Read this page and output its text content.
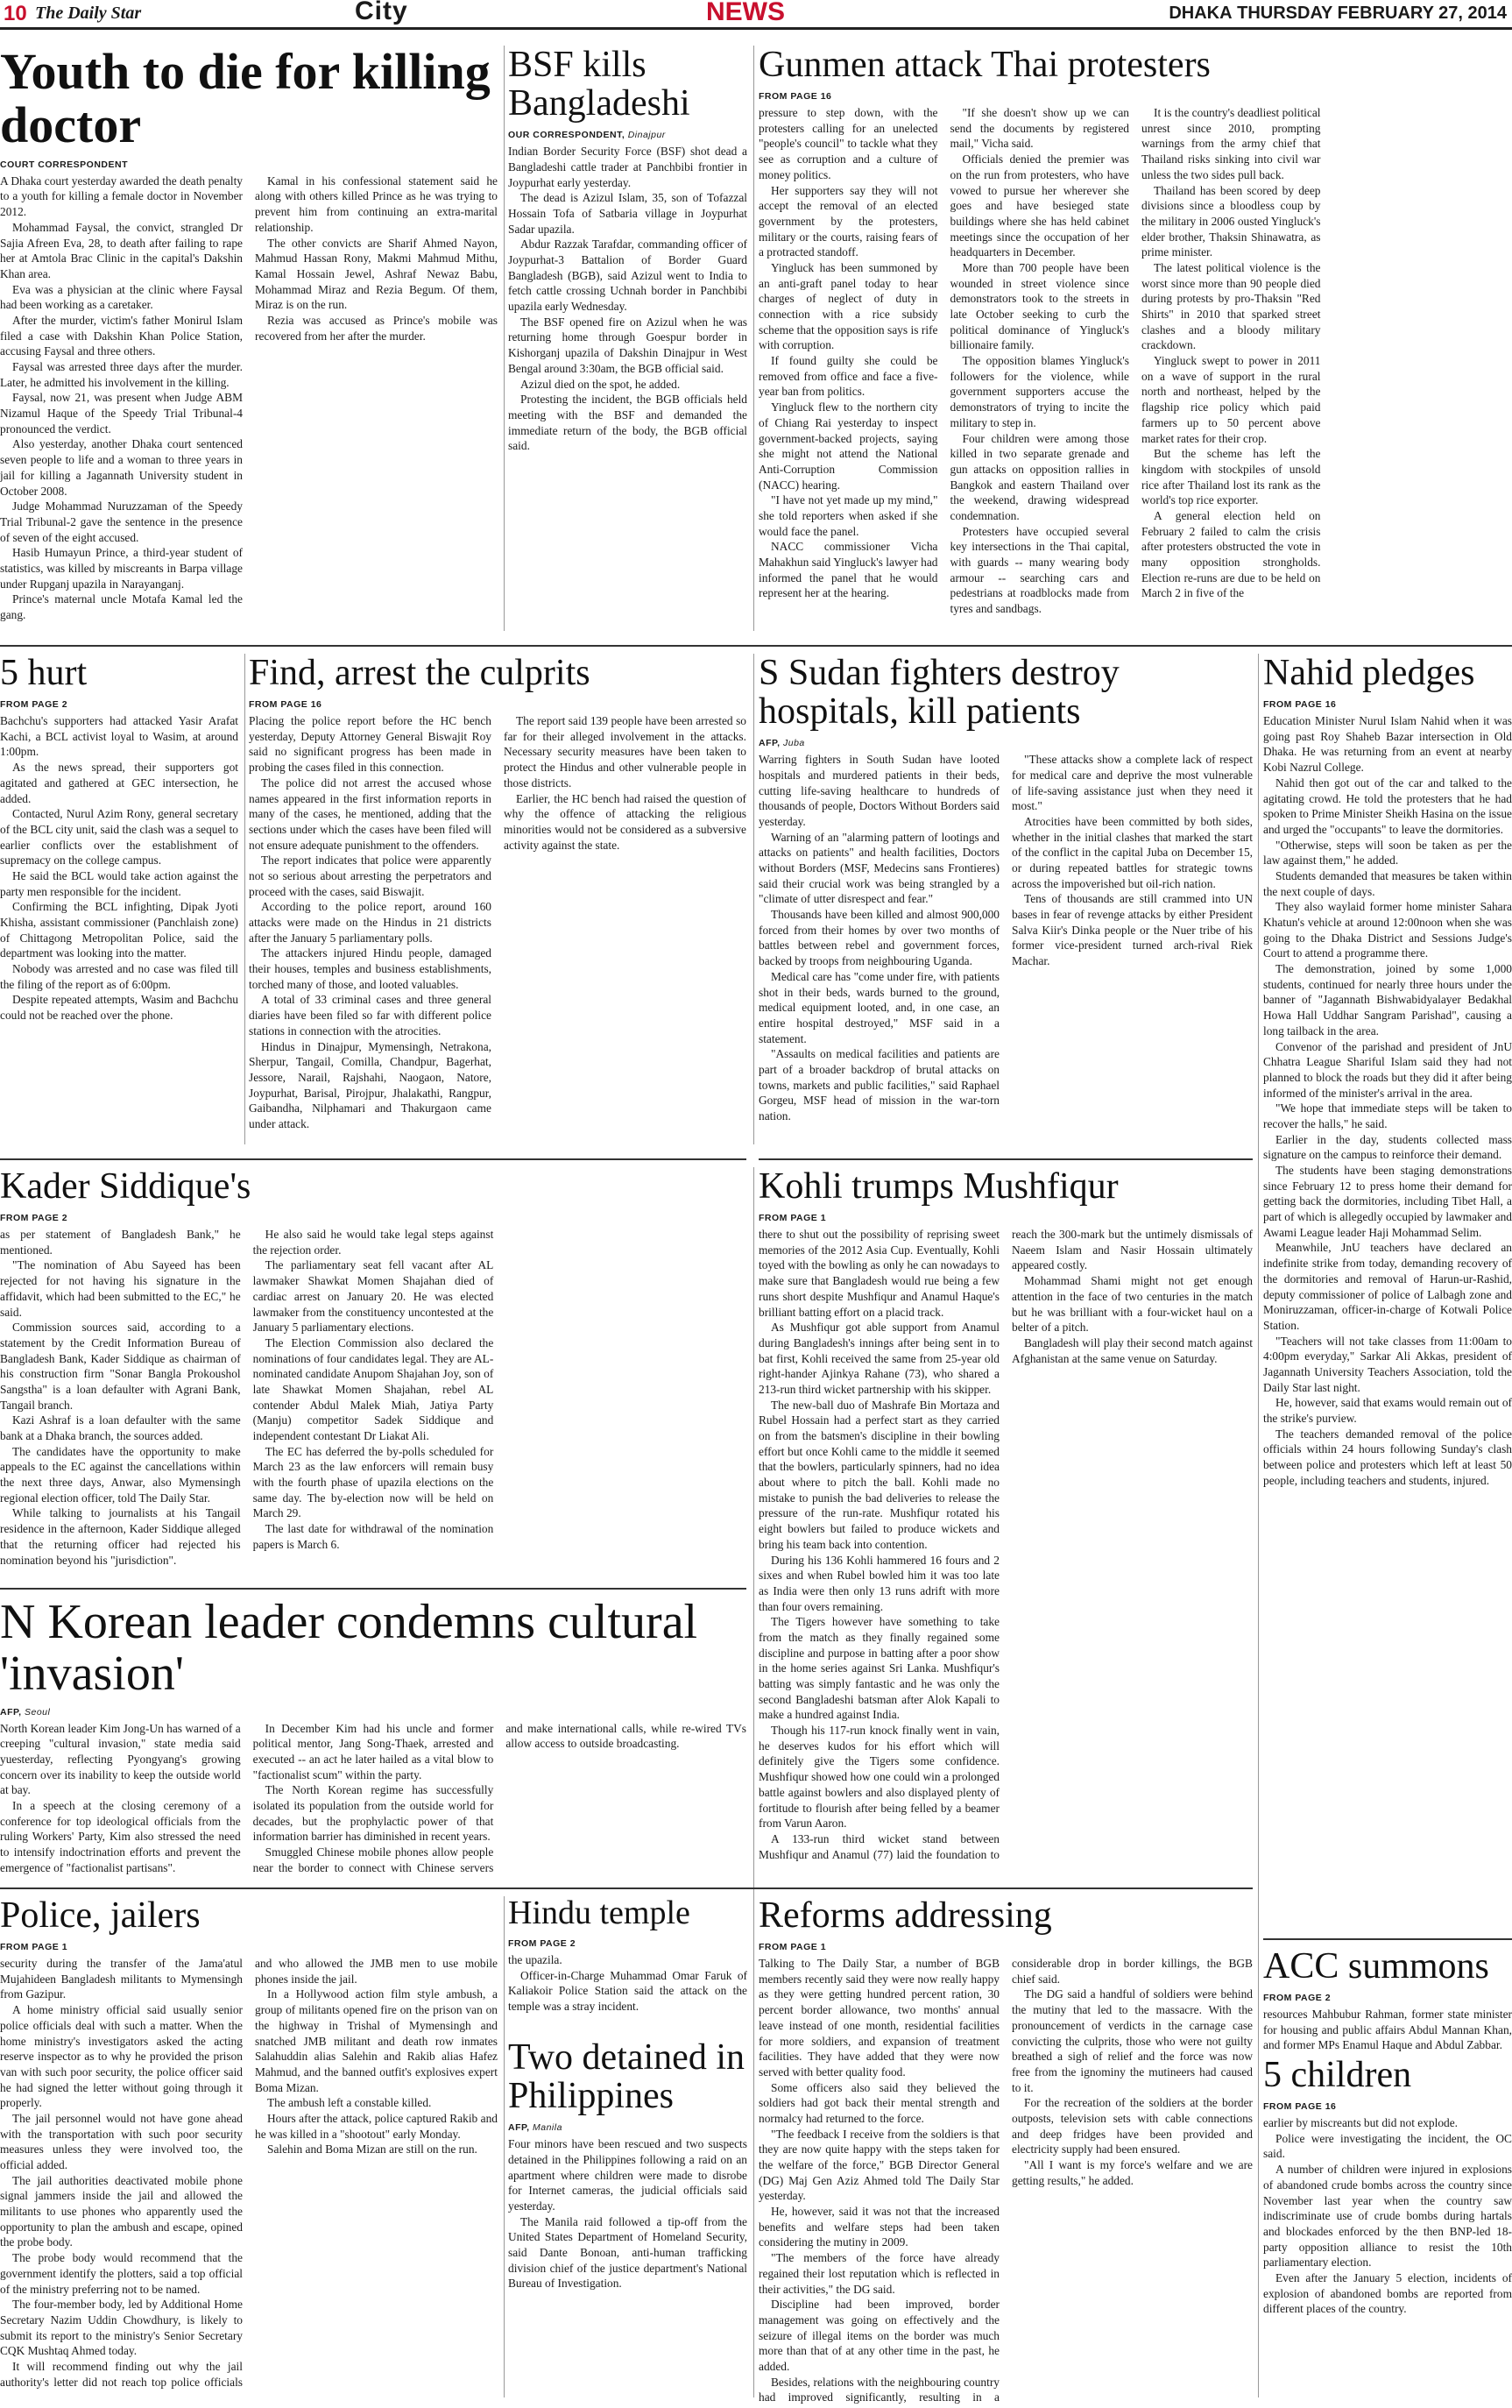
10 The Daily Star	City	NEWS	DHAKA THURSDAY FEBRUARY 27, 2014
Youth to die for killing doctor
COURT CORRESPONDENT

A Dhaka court yesterday awarded the death penalty to a youth for killing a female doctor in November 2012.

Mohammad Faysal, the convict, strangled Dr Sajia Afreen Eva, 28, to death after failing to rape her at Amtola Brac Clinic in the capital's Dakshin Khan area.

Eva was a physician at the clinic where Faysal had been working as a caretaker.

After the murder, victim's father Monirul Islam filed a case with Dakshin Khan Police Station, accusing Faysal and three others.

Faysal was arrested three days after the murder. Later, he admitted his involvement in the killing.

Faysal, now 21, was present when Judge ABM Nizamul Haque of the Speedy Trial Tribunal-4 pronounced the verdict.

Also yesterday, another Dhaka court sentenced seven people to life and a woman to three years in jail for killing a Jagannath University student in October 2008.

Judge Mohammad Nuruzzaman of the Speedy Trial Tribunal-2 gave the sentence in the presence of seven of the eight accused.

Hasib Humayun Prince, a third-year student of statistics, was killed by miscreants in Barpa village under Rupganj upazila in Narayanganj.

Prince's maternal uncle Motafa Kamal led the gang.

Kamal in his confessional statement said he along with others killed Prince as he was trying to prevent him from continuing an extra-marital relationship.

The other convicts are Sharif Ahmed Nayon, Mahmud Hassan Rony, Makmi Mahmud Mithu, Kamal Hossain Jewel, Ashraf Newaz Babu, Mohammad Miraz and Rezia Begum. Of them, Miraz is on the run.

Rezia was accused as Prince's mobile was recovered from her after the murder.

BSF kills Bangladeshi
OUR CORRESPONDENT, Dinajpur

Indian Border Security Force (BSF) shot dead a Bangladeshi cattle trader at Panchbibi frontier in Joypurhat early yesterday.

The dead is Azizul Islam, 35, son of Tofazzal Hossain Tofa of Satbaria village in Joypurhat Sadar upazila.

Abdur Razzak Tarafdar, commanding officer of Joypurhat-3 Battalion of Border Guard Bangladesh (BGB), said Azizul went to India to fetch cattle crossing Uchnah border in Panchbibi upazila early Wednesday.

The BSF opened fire on Azizul when he was returning home through Goespur border in Kishorganj upazila of Dakshin Dinajpur in West Bengal around 3:30am, the BGB official said.

Azizul died on the spot, he added.

Protesting the incident, the BGB officials held meeting with the BSF and demanded the immediate return of the body, the BGB official said.

Gunmen attack Thai protesters
FROM PAGE 16

pressure to step down, with the protesters calling for an unelected "people's council" to tackle what they see as corruption and a culture of money politics.

Her supporters say they will not accept the removal of an elected government by the protesters, military or the courts, raising fears of a protracted standoff.

Yingluck has been summoned by an anti-graft panel today to hear charges of neglect of duty in connection with a rice subsidy scheme that the opposition says is rife with corruption.

If found guilty she could be removed from office and face a five-year ban from politics.

Yingluck flew to the northern city of Chiang Rai yesterday to inspect government-backed projects, saying she might not attend the National Anti-Corruption Commission (NACC) hearing.

"I have not yet made up my mind," she told reporters when asked if she would face the panel.

NACC commissioner Vicha Mahakhun said Yingluck's lawyer had informed the panel that he would represent her at the hearing.

"If she doesn't show up we can send the documents by registered mail," Vicha said.

Officials denied the premier was on the run from protesters, who have vowed to pursue her wherever she goes and have besieged state buildings where she has held cabinet meetings since the occupation of her headquarters in December.

More than 700 people have been wounded in street violence since demonstrators took to the streets in late October seeking to curb the political dominance of Yingluck's billionaire family.

The opposition blames Yingluck's followers for the violence, while government supporters accuse the demonstrators of trying to incite the military to step in.

Four children were among those killed in two separate grenade and gun attacks on opposition rallies in Bangkok and eastern Thailand over the weekend, drawing widespread condemnation.

Protesters have occupied several key intersections in the Thai capital, with guards -- many wearing body armour -- searching cars and pedestrians at roadblocks made from tyres and sandbags.

It is the country's deadliest political unrest since 2010, prompting warnings from the army chief that Thailand risks sinking into civil war unless the two sides pull back.

Thailand has been scored by deep divisions since a bloodless coup by the military in 2006 ousted Yingluck's elder brother, Thaksin Shinawatra, as prime minister.

The latest political violence is the worst since more than 90 people died during protests by pro-Thaksin "Red Shirts" in 2010 that sparked street clashes and a bloody military crackdown.

Yingluck swept to power in 2011 on a wave of support in the rural north and northeast, helped by the flagship rice policy which paid farmers up to 50 percent above market rates for their crop.

But the scheme has left the kingdom with stockpiles of unsold rice after Thailand lost its rank as the world's top rice exporter.

A general election held on February 2 failed to calm the crisis after protesters obstructed the vote in many opposition strongholds. Election re-runs are due to be held on March 2 in five of the

5 hurt
FROM PAGE 2

Bachchu's supporters had attacked Yasir Arafat Kachi, a BCL activist loyal to Wasim, at around 1:00pm.

As the news spread, their supporters got agitated and gathered at GEC intersection, he added.

Contacted, Nurul Azim Rony, general secretary of the BCL city unit, said the clash was a sequel to earlier conflicts over the establishment of supremacy on the college campus.

He said the BCL would take action against the party men responsible for the incident.

Confirming the BCL infighting, Dipak Jyoti Khisha, assistant commissioner (Panchlaish zone) of Chittagong Metropolitan Police, said the department was looking into the matter.

Nobody was arrested and no case was filed till the filing of the report as of 6:00pm.

Despite repeated attempts, Wasim and Bachchu could not be reached over the phone.

Find, arrest the culprits
FROM PAGE 16

Placing the police report before the HC bench yesterday, Deputy Attorney General Biswajit Roy said no significant progress has been made in probing the cases filed in this connection.

The police did not arrest the accused whose names appeared in the first information reports in many of the cases, he mentioned, adding that the sections under which the cases have been filed will not ensure adequate punishment to the offenders.

The report indicates that police were apparently not so serious about arresting the perpetrators and proceed with the cases, said Biswajit.

According to the police report, around 160 attacks were made on the Hindus in 21 districts after the January 5 parliamentary polls.

The attackers injured Hindu people, damaged their houses, temples and business establishments, torched many of those, and looted valuables.

A total of 33 criminal cases and three general diaries have been filed so far with different police stations in connection with the atrocities.

Hindus in Dinajpur, Mymensingh, Netrakona, Sherpur, Tangail, Comilla, Chandpur, Bagerhat, Jessore, Narail, Rajshahi, Naogaon, Natore, Joypurhat, Barisal, Pirojpur, Jhalakathi, Rangpur, Gaibandha, Nilphamari and Thakurgaon came under attack.

The report said 139 people have been arrested so far for their alleged involvement in the attacks. Necessary security measures have been taken to protect the Hindus and other vulnerable people in those districts.

Earlier, the HC bench had raised the question of why the offence of attacking the religious minorities would not be considered as a subversive activity against the state.

S Sudan fighters destroy hospitals, kill patients
AFP, Juba

Warring fighters in South Sudan have looted hospitals and murdered patients in their beds, cutting life-saving healthcare to hundreds of thousands of people, Doctors Without Borders said yesterday.

Warning of an "alarming pattern of lootings and attacks on patients" and health facilities, Doctors without Borders (MSF, Medecins sans Frontieres) said their crucial work was being strangled by a "climate of utter disrespect and fear."

Thousands have been killed and almost 900,000 forced from their homes by over two months of battles between rebel and government forces, backed by troops from neighbouring Uganda.

Medical care has "come under fire, with patients shot in their beds, wards burned to the ground, medical equipment looted, and, in one case, an entire hospital destroyed," MSF said in a statement.

"Assaults on medical facilities and patients are part of a broader backdrop of brutal attacks on towns, markets and public facilities," said Raphael Gorgeu, MSF head of mission in the war-torn nation.

"These attacks show a complete lack of respect for medical care and deprive the most vulnerable of life-saving assistance just when they need it most."

Atrocities have been committed by both sides, whether in the initial clashes that marked the start of the conflict in the capital Juba on December 15, or during repeated battles for strategic towns across the impoverished but oil-rich nation.

Tens of thousands are still crammed into UN bases in fear of revenge attacks by either President Salva Kiir's Dinka people or the Nuer tribe of his former vice-president turned arch-rival Riek Machar.

Nahid pledges
FROM PAGE 16

Education Minister Nurul Islam Nahid when it was going past Roy Shaheb Bazar intersection in Old Dhaka. He was returning from an event at nearby Kobi Nazrul College.

Nahid then got out of the car and talked to the agitating crowd. He told the protesters that he had spoken to Prime Minister Sheikh Hasina on the issue and urged the "occupants" to leave the dormitories.

"Otherwise, steps will soon be taken as per the law against them," he added.

Students demanded that measures be taken within the next couple of days.

They also waylaid former home minister Sahara Khatun's vehicle at around 12:00noon when she was going to the Dhaka District and Sessions Judge's Court to attend a programme there.

The demonstration, joined by some 1,000 students, continued for nearly three hours under the banner of "Jagannath Bishwabidyalayer Bedakhal Howa Hall Uddhar Sangram Parishad", causing a long tailback in the area.

Convenor of the parishad and president of JnU Chhatra League Shariful Islam said they had not planned to block the roads but they did it after being informed of the minister's arrival in the area.

"We hope that immediate steps will be taken to recover the halls," he said.

Earlier in the day, students collected mass signature on the campus to reinforce their demand.

The students have been staging demonstrations since February 12 to press home their demand for getting back the dormitories, including Tibet Hall, a part of which is allegedly occupied by lawmaker and Awami League leader Haji Mohammad Selim.

Meanwhile, JnU teachers have declared an indefinite strike from today, demanding recovery of the dormitories and removal of Harun-ur-Rashid, deputy commissioner of police of Lalbagh zone and Moniruzzaman, officer-in-charge of Kotwali Police Station.

"Teachers will not take classes from 11:00am to 4:00pm everyday," Sarkar Ali Akkas, president of Jagannath University Teachers Association, told the Daily Star last night.

He, however, said that exams would remain out of the strike's purview.

The teachers demanded removal of the police officials within 24 hours following Sunday's clash between police and protesters which left at least 50 people, including teachers and students, injured.

Kader Siddique's
FROM PAGE 2

as per statement of Bangladesh Bank," he mentioned.

"The nomination of Abu Sayeed has been rejected for not having his signature in the affidavit, which had been submitted to the EC," he said.

Commission sources said, according to a statement by the Credit Information Bureau of Bangladesh Bank, Kader Siddique as chairman of his construction firm "Sonar Bangla Prokoushol Sangstha" is a loan defaulter with Agrani Bank, Tangail branch.

Kazi Ashraf is a loan defaulter with the same bank at a Dhaka branch, the sources added.

The candidates have the opportunity to make appeals to the EC against the cancellations within the next three days, Anwar, also Mymensingh regional election officer, told The Daily Star.

While talking to journalists at his Tangail residence in the afternoon, Kader Siddique alleged that the returning officer had rejected his nomination beyond his "jurisdiction".

He also said he would take legal steps against the rejection order.

The parliamentary seat fell vacant after AL lawmaker Shawkat Momen Shajahan died of cardiac arrest on January 20. He was elected lawmaker from the constituency uncontested at the January 5 parliamentary elections.

The Election Commission also declared the nominations of four candidates legal. They are AL-nominated candidate Anupom Shajahan Joy, son of late Shawkat Momen Shajahan, rebel AL contender Abdul Malek Miah, Jatiya Party (Manju) competitor Sadek Siddique and independent contestant Dr Liakat Ali.

The EC has deferred the by-polls scheduled for March 23 as the law enforcers will remain busy with the fourth phase of upazila elections on the same day. The by-election now will be held on March 29.

The last date for withdrawal of the nomination papers is March 6.

Kohli trumps Mushfiqur
FROM PAGE 1

there to shut out the possibility of reprising sweet memories of the 2012 Asia Cup. Eventually, Kohli toyed with the bowling as only he can nowadays to make sure that Bangladesh would rue being a few runs short despite Mushfiqur and Anamul Haque's brilliant batting effort on a placid track.

As Mushfiqur got able support from Anamul during Bangladesh's innings after being sent in to bat first, Kohli received the same from 25-year old right-hander Ajinkya Rahane (73), who shared a 213-run third wicket partnership with his skipper.

The new-ball duo of Mashrafe Bin Mortaza and Rubel Hossain had a perfect start as they carried on from the batsmen's discipline in their bowling effort but once Kohli came to the middle it seemed that the bowlers, particularly spinners, had no idea about where to pitch the ball. Kohli made no mistake to punish the bad deliveries to release the pressure of the run-rate. Mushfiqur rotated his eight bowlers but failed to produce wickets and bring his team back into contention.

During his 136 Kohli hammered 16 fours and 2 sixes and when Rubel bowled him it was too late as India were then only 13 runs adrift with more than four overs remaining.

The Tigers however have something to take from the match as they finally regained some discipline and purpose in batting after a poor show in the home series against Sri Lanka. Mushfiqur's batting was simply fantastic and he was only the second Bangladeshi batsman after Alok Kapali to make a hundred against India.

Though his 117-run knock finally went in vain, he deserves kudos for his effort which will definitely give the Tigers some confidence. Mushfiqur showed how one could win a prolonged battle against bowlers and also displayed plenty of fortitude to flourish after being felled by a beamer from Varun Aaron.

A 133-run third wicket stand between Mushfiqur and Anamul (77) laid the foundation to reach the 300-mark but the untimely dismissals of Naeem Islam and Nasir Hossain ultimately appeared costly.

Mohammad Shami might not get enough attention in the face of two centuries in the match but he was brilliant with a four-wicket haul on a belter of a pitch.

Bangladesh will play their second match against Afghanistan at the same venue on Saturday.

N Korean leader condemns cultural 'invasion'
AFP, Seoul

North Korean leader Kim Jong-Un has warned of a creeping "cultural invasion," state media said yuesterday, reflecting Pyongyang's growing concern over its inability to keep the outside world at bay.

In a speech at the closing ceremony of a conference for top ideological officials from the ruling Workers' Party, Kim also stressed the need to intensify indoctrination efforts and prevent the emergence of "factionalist partisans".

In December Kim had his uncle and former political mentor, Jang Song-Thaek, arrested and executed -- an act he later hailed as a vital blow to "factionalist scum" within the party.

The North Korean regime has successfully isolated its population from the outside world for decades, but the prophylactic power of that information barrier has diminished in recent years.

Smuggled Chinese mobile phones allow people near the border to connect with Chinese servers and make international calls, while re-wired TVs allow access to outside broadcasting.

Police, jailers
FROM PAGE 1

security during the transfer of the Jama'atul Mujahideen Bangladesh militants to Mymensingh from Gazipur.

A home ministry official said usually senior police officials deal with such a matter. When the home ministry's investigators asked the acting reserve inspector as to why he provided the prison van with such poor security, the police officer said he had signed the letter without going through it properly.

The jail personnel would not have gone ahead with the transportation with such poor security measures unless they were involved too, the official added.

The jail authorities deactivated mobile phone signal jammers inside the jail and allowed the militants to use phones who apparently used the opportunity to plan the ambush and escape, opined the probe body.

The probe body would recommend that the government identify the plotters, said a top official of the ministry preferring not to be named.

The four-member body, led by Additional Home Secretary Nazim Uddin Chowdhury, is likely to submit its report to the ministry's Senior Secretary CQK Mushtaq Ahmed today.

It will recommend finding out why the jail authority's letter did not reach top police officials and who allowed the JMB men to use mobile phones inside the jail.

In a Hollywood action film style ambush, a group of militants opened fire on the prison van on the highway in Trishal of Mymensingh and snatched JMB militant and death row inmates Salahuddin alias Salehin and Rakib alias Hafez Mahmud, and the banned outfit's explosives expert Boma Mizan.

The ambush left a constable killed.

Hours after the attack, police captured Rakib and he was killed in a "shootout" early Monday.

Salehin and Boma Mizan are still on the run.

Hindu temple
FROM PAGE 2

the upazila.

Officer-in-Charge Muhammad Omar Faruk of Kaliakoir Police Station said the attack on the temple was a stray incident.

Two detained in Philippines
AFP, Manila

Four minors have been rescued and two suspects detained in the Philippines following a raid on an apartment where children were made to disrobe for Internet cameras, the judicial officials said yesterday.

The Manila raid followed a tip-off from the United States Department of Homeland Security, said Dante Bonoan, anti-human trafficking division chief of the justice department's National Bureau of Investigation.

Reforms addressing
FROM PAGE 1

Talking to The Daily Star, a number of BGB members recently said they were now really happy as they were getting hundred percent ration, 30 percent border allowance, two months' annual leave instead of one month, residential facilities for more soldiers, and expansion of treatment facilities. They have added that they were now served with better quality food.

Some officers also said they believed the soldiers had got back their mental strength and normalcy had returned to the force.

"The feedback I receive from the soldiers is that they are now quite happy with the steps taken for the welfare of the force," BGB Director General (DG) Maj Gen Aziz Ahmed told The Daily Star yesterday.

He, however, said it was not that the increased benefits and welfare steps had been taken considering the mutiny in 2009.

"The members of the force have already regained their lost reputation which is reflected in their activities," the DG said.

Discipline had been improved, border management was going on effectively and the seizure of illegal items on the border was much more than that of at any other time in the past, he added.

Besides, relations with the neighbouring country had improved significantly, resulting in a considerable drop in border killings, the BGB chief said.

The DG said a handful of soldiers were behind the mutiny that led to the massacre. With the pronouncement of verdicts in the carnage case convicting the culprits, those who were not guilty breathed a sigh of relief and the force was now free from the ignominy the mutineers had caused to it.

For the recreation of the soldiers at the border outposts, television sets with cable connections and deep fridges have been provided and electricity supply had been ensured.

"All I want is my force's welfare and we are getting results," he added.

ACC summons
FROM PAGE 2

resources Mahbubur Rahman, former state minister for housing and public affairs Abdul Mannan Khan, and former MPs Enamul Haque and Abdul Zabbar.

5 children
FROM PAGE 16

earlier by miscreants but did not explode.

Police were investigating the incident, the OC said.

A number of children were injured in explosions of abandoned crude bombs across the country since November last year when the country saw indiscriminate use of crude bombs during hartals and blockades enforced by the then BNP-led 18-party opposition alliance to resist the 10th parliamentary election.

Even after the January 5 election, incidents of explosion of abandoned bombs are reported from different places of the country.
